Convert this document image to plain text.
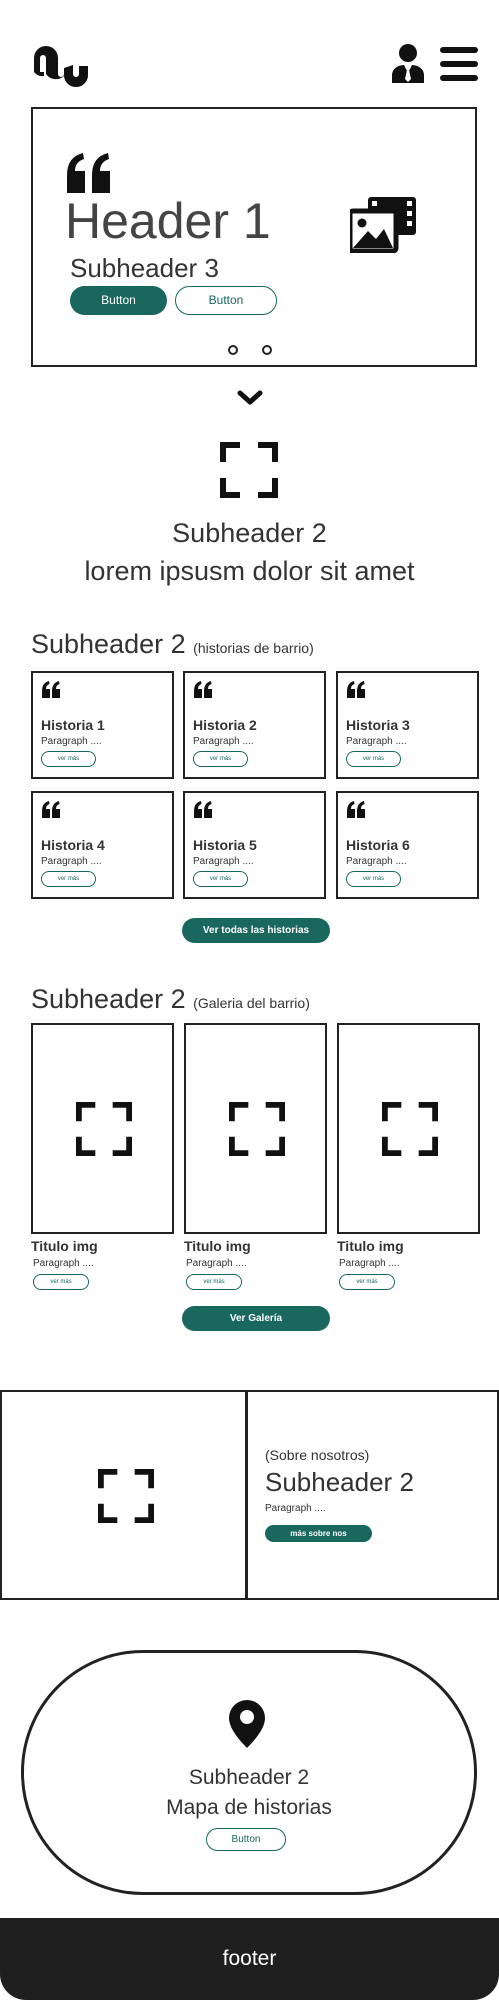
Header 1
Subheader 3
Button	Button
Subheader 2
lorem ipsusm dolor sit amet
Subheader 2 (historias de barrio)
Historia 1
Paragraph ....
ver más
Historia 2
Paragraph ....
ver más
Historia 3
Paragraph ....
ver más
Historia 4
Paragraph ....
ver más
Historia 5
Paragraph ....
ver más
Historia 6
Paragraph ....
ver más
Ver todas las historias
Subheader 2 (Galeria del barrio)
Titulo img
Paragraph ....
ver más
Titulo img
Paragraph ....
ver más
Titulo img
Paragraph ....
ver más
Ver Galería
(Sobre nosotros)
Subheader 2
Paragraph ....
más sobre nos
Subheader 2
Mapa de historias
Button
footer
